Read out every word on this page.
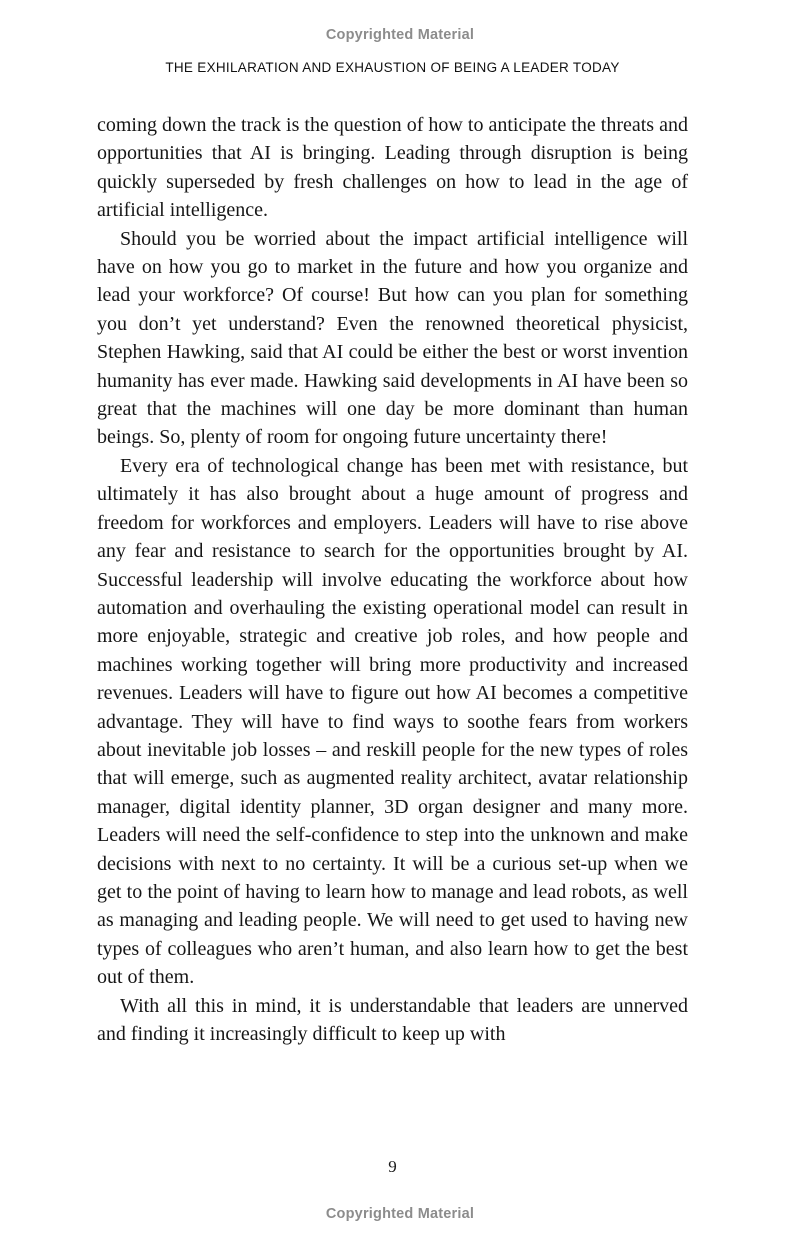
Copyrighted Material
THE EXHILARATION AND EXHAUSTION OF BEING A LEADER TODAY

coming down the track is the question of how to anticipate the threats and opportunities that AI is bringing. Leading through disruption is being quickly superseded by fresh challenges on how to lead in the age of artificial intelligence.

Should you be worried about the impact artificial intelligence will have on how you go to market in the future and how you organize and lead your workforce? Of course! But how can you plan for something you don’t yet understand? Even the renowned theoretical physicist, Stephen Hawking, said that AI could be either the best or worst invention humanity has ever made. Hawking said developments in AI have been so great that the machines will one day be more dominant than human beings. So, plenty of room for ongoing future uncertainty there!

Every era of technological change has been met with resistance, but ultimately it has also brought about a huge amount of progress and freedom for workforces and employers. Leaders will have to rise above any fear and resistance to search for the opportunities brought by AI. Successful leadership will involve educating the workforce about how automation and overhauling the existing operational model can result in more enjoyable, strategic and creative job roles, and how people and machines working together will bring more productivity and increased revenues. Leaders will have to figure out how AI becomes a competitive advantage. They will have to find ways to soothe fears from workers about inevitable job losses – and reskill people for the new types of roles that will emerge, such as augmented reality architect, avatar relationship manager, digital identity planner, 3D organ designer and many more. Leaders will need the self-confidence to step into the unknown and make decisions with next to no certainty. It will be a curious set-up when we get to the point of having to learn how to manage and lead robots, as well as managing and leading people. We will need to get used to having new types of colleagues who aren’t human, and also learn how to get the best out of them.

With all this in mind, it is understandable that leaders are unnerved and finding it increasingly difficult to keep up with

9
Copyrighted Material
